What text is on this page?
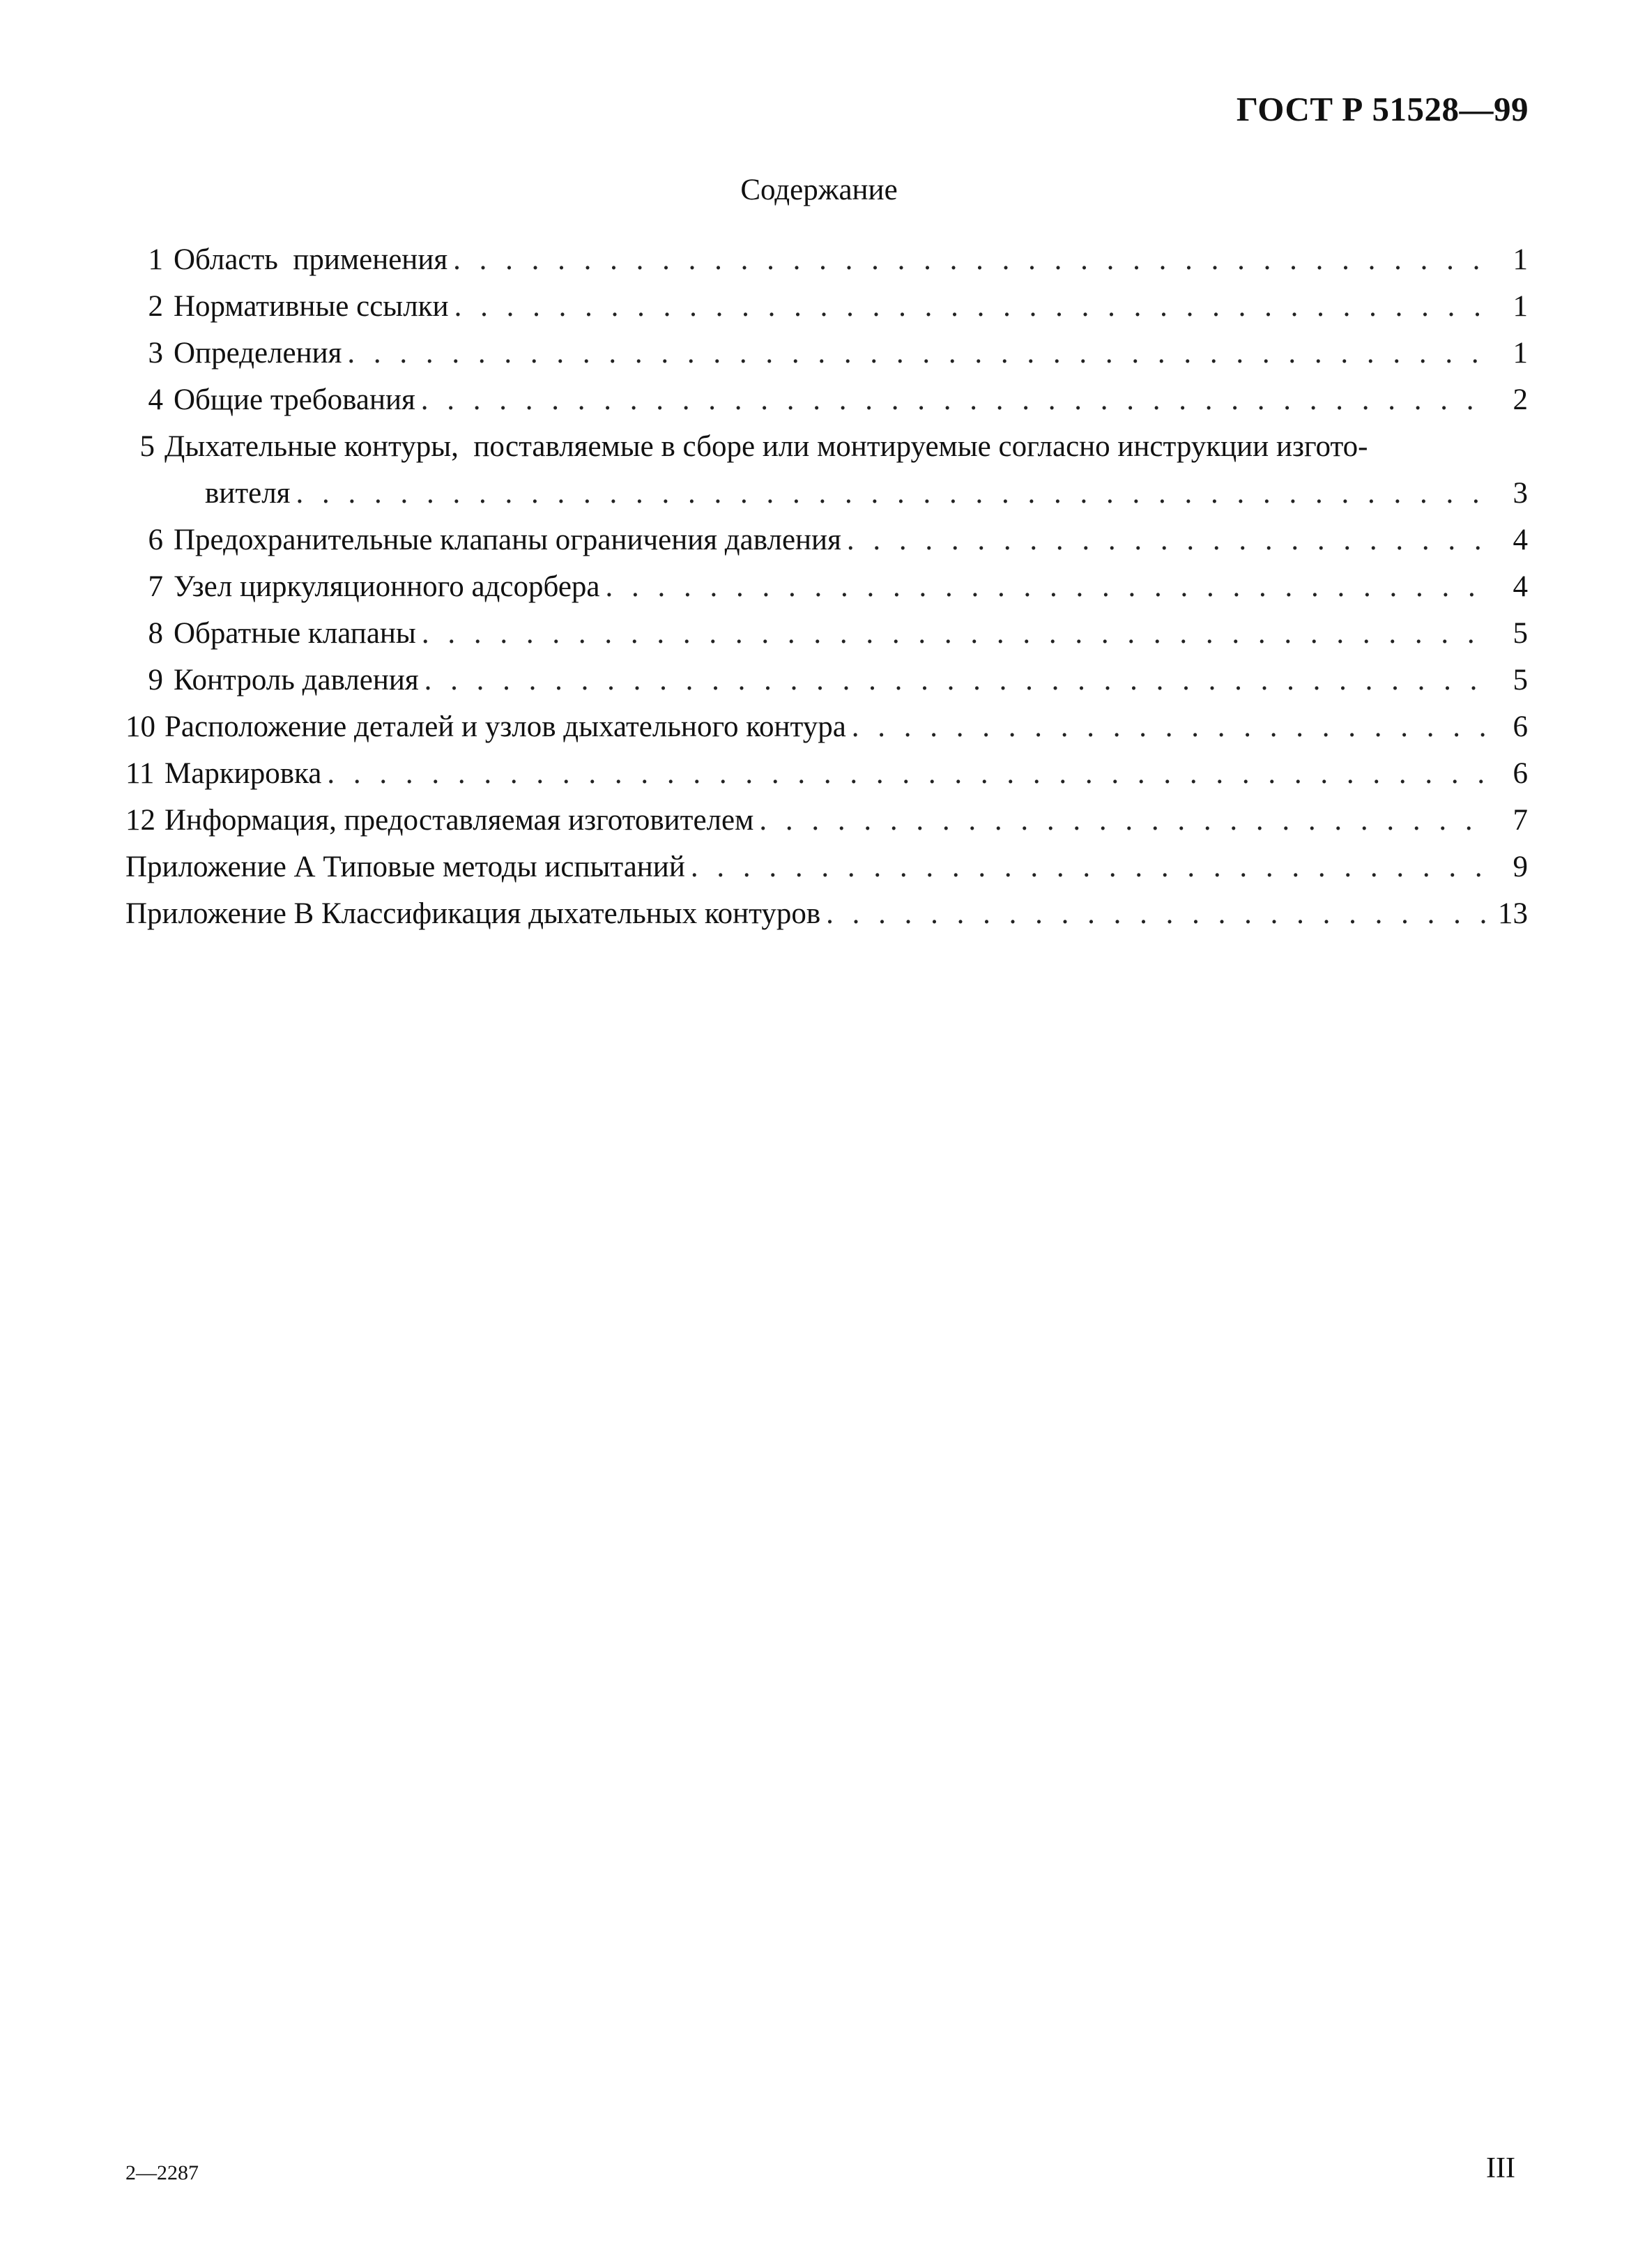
ГОСТ Р 51528—99
Содержание
1 Область  применения . . .	1
2 Нормативные ссылки . . .	1
3 Определения . . .	1
4 Общие требования . . .	2
5 Дыхательные контуры,  поставляемые в сборе или монтируемые согласно инструкции изгото-
вителя . . .	3
6 Предохранительные клапаны ограничения давления . . .	4
7 Узел циркуляционного адсорбера . . .	4
8 Обратные клапаны . . .	5
9 Контроль давления . . .	5
10 Расположение деталей и узлов дыхательного контура . . .	6
11 Маркировка . . .	6
12 Информация, предоставляемая изготовителем . . .	7
Приложение А Типовые методы испытаний . . .	9
Приложение В Классификация дыхательных контуров . . .	13
2—2287	III
